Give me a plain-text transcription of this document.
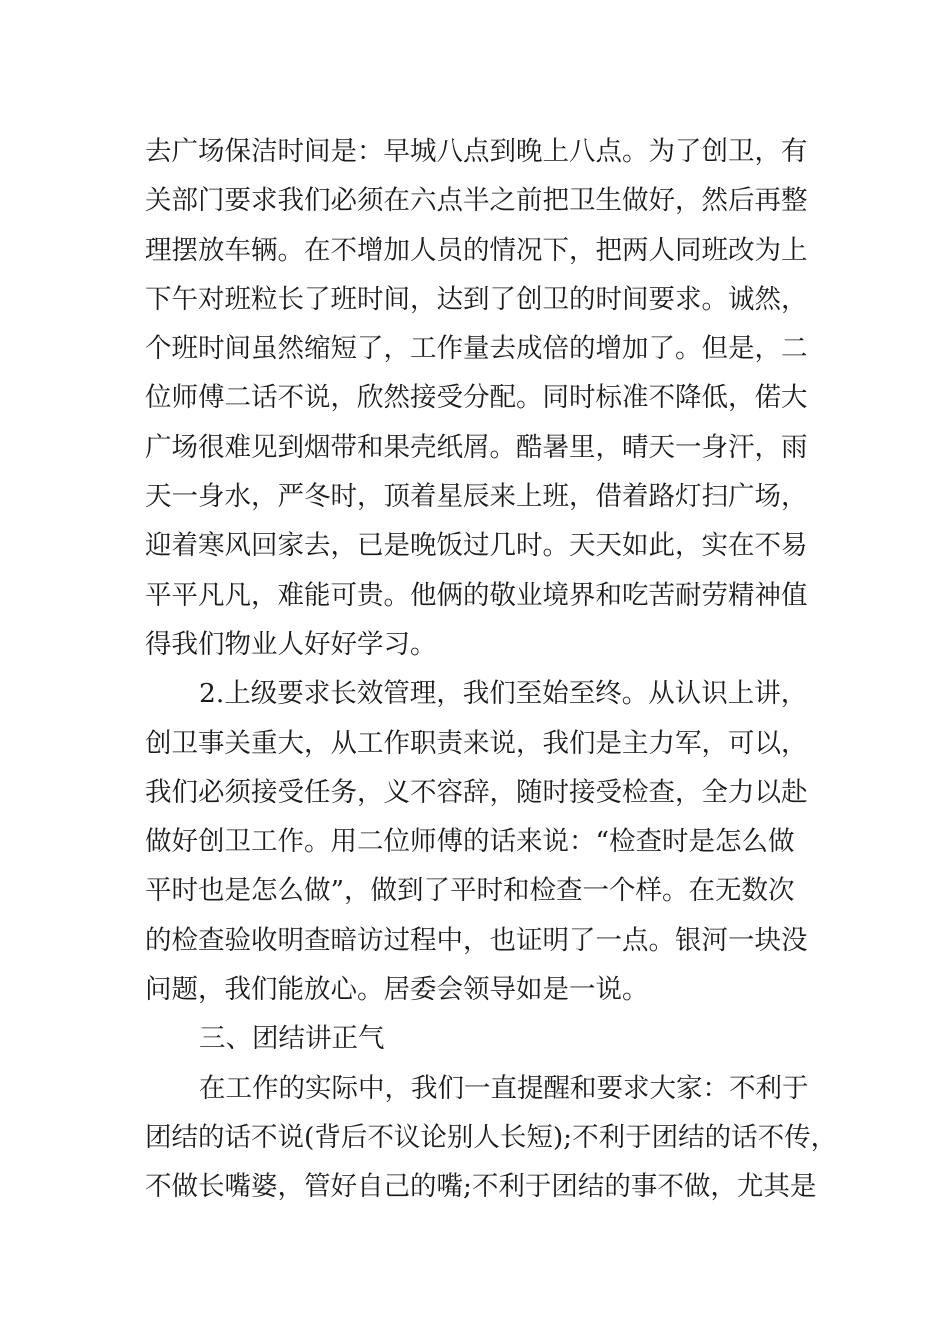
去广场保洁时间是：早城八点到晚上八点。为了创卫，有
关部门要求我们必须在六点半之前把卫生做好，然后再整
理摆放车辆。在不增加人员的情况下，把两人同班改为上
下午对班粒长了班时间，达到了创卫的时间要求。诚然，
个班时间虽然缩短了，工作量去成倍的增加了。但是，二
位师傅二话不说，欣然接受分配。同时标准不降低，偌大
广场很难见到烟带和果壳纸屑。酷暑里，晴天一身汗，雨
天一身水，严冬时，顶着星辰来上班，借着路灯扫广场，
迎着寒风回家去，已是晚饭过几时。天天如此，实在不易
平平凡凡，难能可贵。他俩的敬业境界和吃苦耐劳精神值
得我们物业人好好学习。
2.上级要求长效管理，我们至始至终。从认识上讲，
创卫事关重大，从工作职责来说，我们是主力军，可以，
我们必须接受任务，义不容辞，随时接受检查，全力以赴
做好创卫工作。用二位师傅的话来说：“检查时是怎么做
平时也是怎么做”，做到了平时和检查一个样。在无数次
的检查验收明查暗访过程中，也证明了一点。银河一块没
问题，我们能放心。居委会领导如是一说。
三、团结讲正气
在工作的实际中，我们一直提醒和要求大家：不利于
团结的话不说(背后不议论别人长短);不利于团结的话不传，
不做长嘴婆，管好自己的嘴;不利于团结的事不做，尤其是
